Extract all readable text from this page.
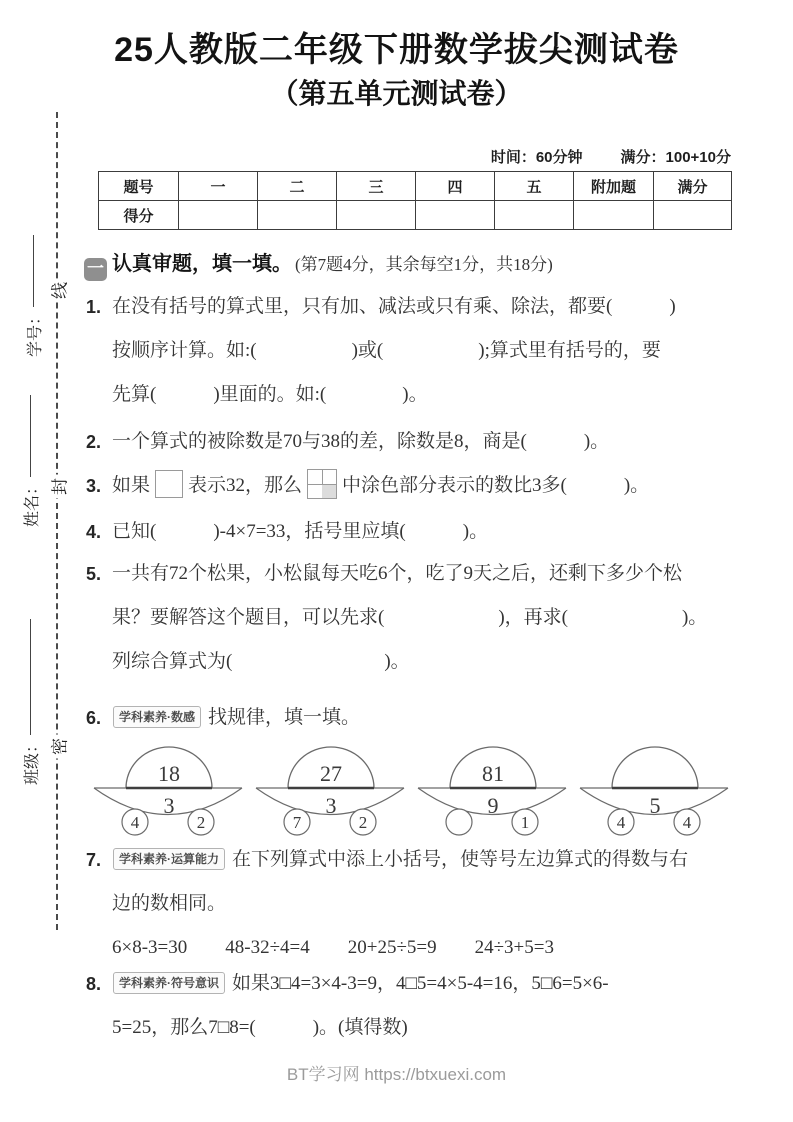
25人教版二年级下册数学拔尖测试卷
（第五单元测试卷）
时间：60分钟	满分：100+10分
题号	一	二	三	四	五	附加题	满分
得分							
一 认真审题，填一填。 (第7题4分，其余每空1分，共18分)
1. 在没有括号的算式里，只有加、减法或只有乘、除法，都要(　　　)
按顺序计算。如:(　　　　　)或(　　　　　);算式里有括号的，要
先算(　　　)里面的。如:(　　　　)。
2. 一个算式的被除数是70与38的差，除数是8，商是(　　　)。
3. 如果 表示32，那么 中涂色部分表示的数比3多(　　　)。
4. 已知(　　　)-4×7=33，括号里应填(　　　)。
5. 一共有72个松果，小松鼠每天吃6个，吃了9天之后，还剩下多少个松
果？要解答这个题目，可以先求(　　　　　　)，再求(　　　　　　)。
列综合算式为(　　　　　　　　)。
6.	学科素养·数感 找规律，填一填。
18
3
4	2
27
3
7	2
81
9
1
5
4	4
7.	学科素养·运算能力 在下列算式中添上小括号，使等号左边算式的得数与右
边的数相同。
6×8-3=30　　48-32÷4=4　　20+25÷5=9　　24÷3+5=3
8.	学科素养·符号意识 如果3□4=3×4-3=9，4□5=4×5-4=16，5□6=5×6-
5=25，那么7□8=(　　　)。(填得数)
学号：
姓名：
班级：
线
封
密
BT学习网 https://btxuexi.com
